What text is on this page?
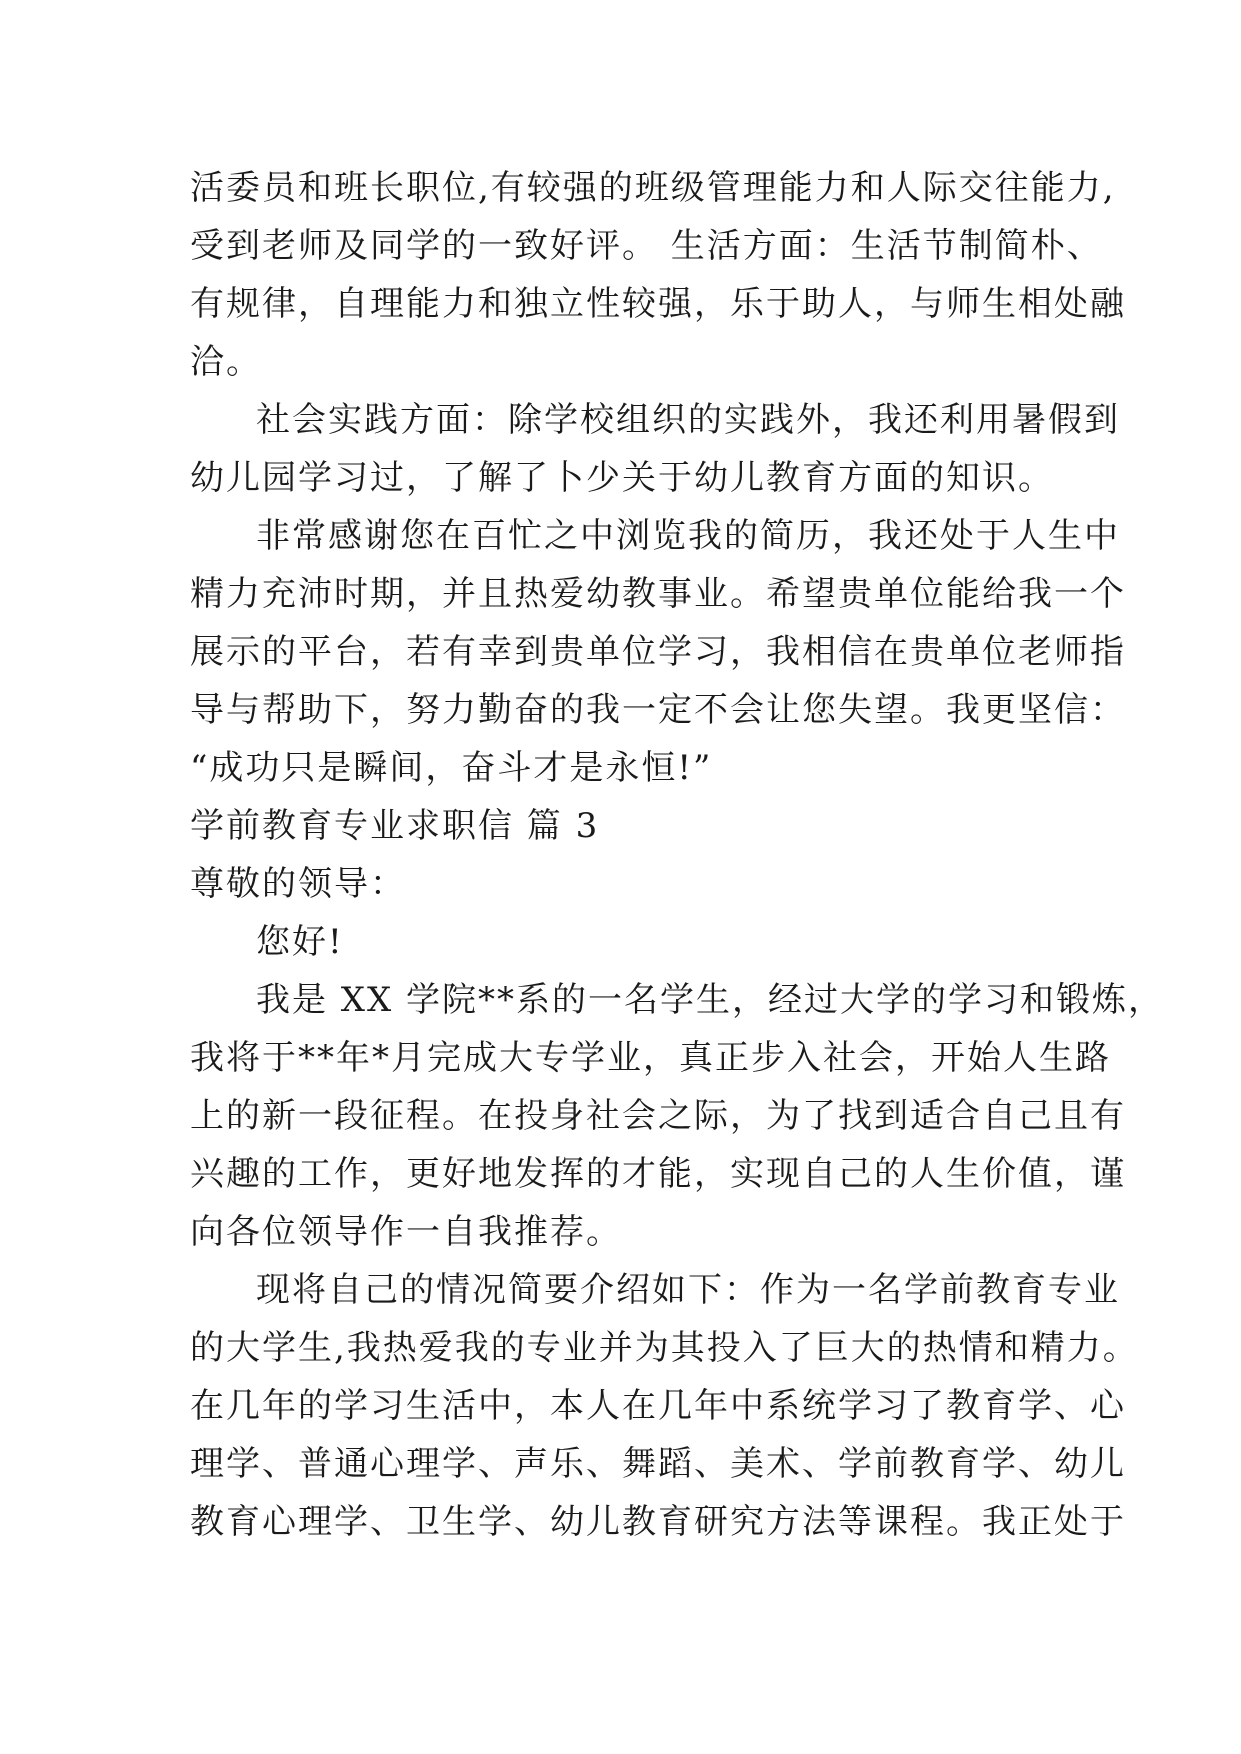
活委员和班长职位,有较强的班级管理能力和人际交往能力,
受到老师及同学的一致好评。 生活方面：生活节制简朴、
有规律，自理能力和独立性较强，乐于助人，与师生相处融
洽。
社会实践方面：除学校组织的实践外，我还利用暑假到
幼儿园学习过，了解了卜少关于幼儿教育方面的知识。
非常感谢您在百忙之中浏览我的简历，我还处于人生中
精力充沛时期，并且热爱幼教事业。希望贵单位能给我一个
展示的平台，若有幸到贵单位学习，我相信在贵单位老师指
导与帮助下，努力勤奋的我一定不会让您失望。我更坚信：
“成功只是瞬间，奋斗才是永恒!”
学前教育专业求职信 篇 3
尊敬的领导：
您好!
我是 XX 学院**系的一名学生，经过大学的学习和锻炼，
我将于**年*月完成大专学业，真正步入社会，开始人生路
上的新一段征程。在投身社会之际，为了找到适合自己且有
兴趣的工作，更好地发挥的才能，实现自己的人生价值，谨
向各位领导作一自我推荐。
现将自己的情况简要介绍如下：作为一名学前教育专业
的大学生,我热爱我的专业并为其投入了巨大的热情和精力。
在几年的学习生活中，本人在几年中系统学习了教育学、心
理学、普通心理学、声乐、舞蹈、美术、学前教育学、幼儿
教育心理学、卫生学、幼儿教育研究方法等课程。我正处于
